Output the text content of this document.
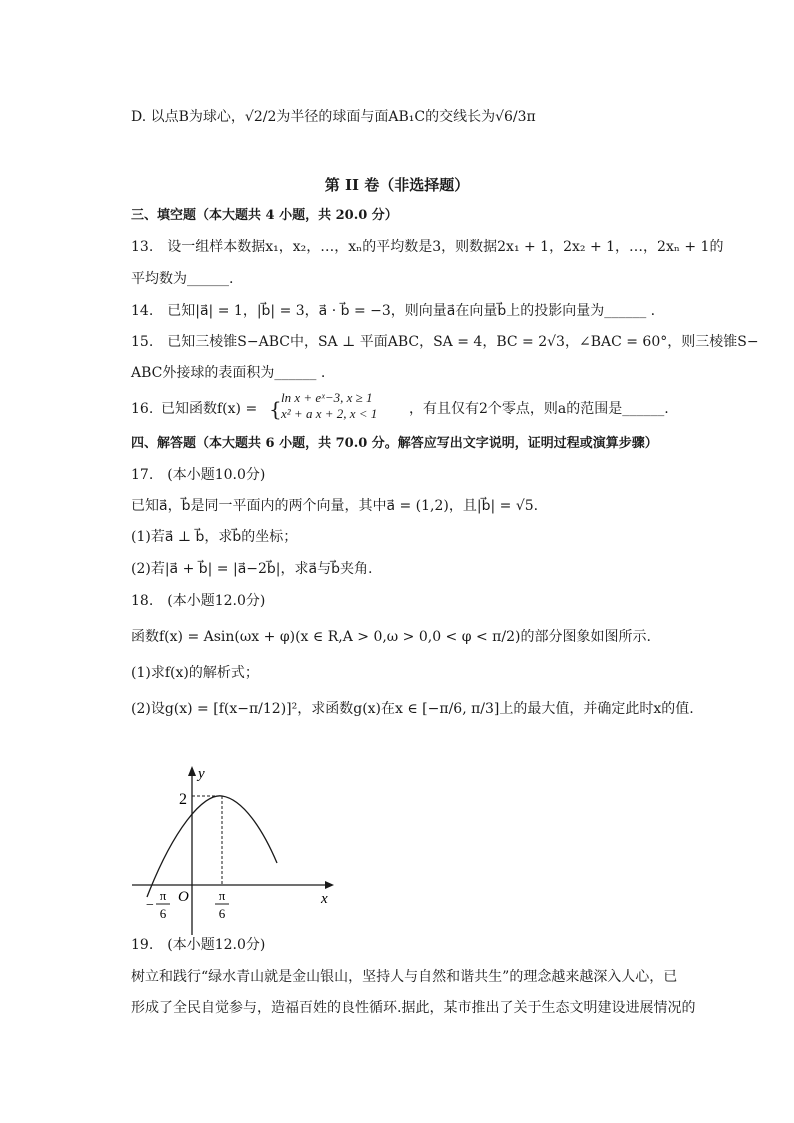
D. 以点B为球心，√2/2为半径的球面与面AB₁C的交线长为√6/3π
第 II 卷（非选择题）
三、填空题（本大题共 4 小题，共 20.0 分）
13. 设一组样本数据x₁，x₂，…，xₙ的平均数是3，则数据2x₁ + 1，2x₂ + 1，…，2xₙ + 1的
平均数为______.
14. 已知|a⃗| = 1，|b⃗| = 3，a⃗ · b⃗ = −3，则向量a⃗在向量b⃗上的投影向量为______ .
15. 已知三棱锥S−ABC中，SA ⊥ 平面ABC，SA = 4，BC = 2√3，∠BAC = 60°，则三棱锥S−
ABC外接球的表面积为______ .
16. 已知函数f(x) = { ln x + eˣ−3, x ≥ 1
x² + a x + 2, x < 1 ，有且仅有2个零点，则a的范围是______.
四、解答题（本大题共 6 小题，共 70.0 分。解答应写出文字说明，证明过程或演算步骤）
17. (本小题10.0分)
已知a⃗，b⃗是同一平面内的两个向量，其中a⃗ = (1,2)，且|b⃗| = √5.
(1)若a⃗ ⊥ b⃗，求b⃗的坐标；
(2)若|a⃗ + b⃗| = |a⃗−2b⃗|，求a⃗与b⃗夹角.
18. (本小题12.0分)
函数f(x) = Asin(ωx + φ)(x ∈ R,A > 0,ω > 0,0 < φ < π/2)的部分图象如图所示.
(1)求f(x)的解析式；
(2)设g(x) = [f(x−π/12)]²，求函数g(x)在x ∈ [−π/6, π/3]上的最大值，并确定此时x的值.
y
x
2
O
−
π
6
π
6
19. (本小题12.0分)
树立和践行“绿水青山就是金山银山，坚持人与自然和谐共生”的理念越来越深入人心，已
形成了全民自觉参与，造福百姓的良性循环.据此，某市推出了关于生态文明建设进展情况的
